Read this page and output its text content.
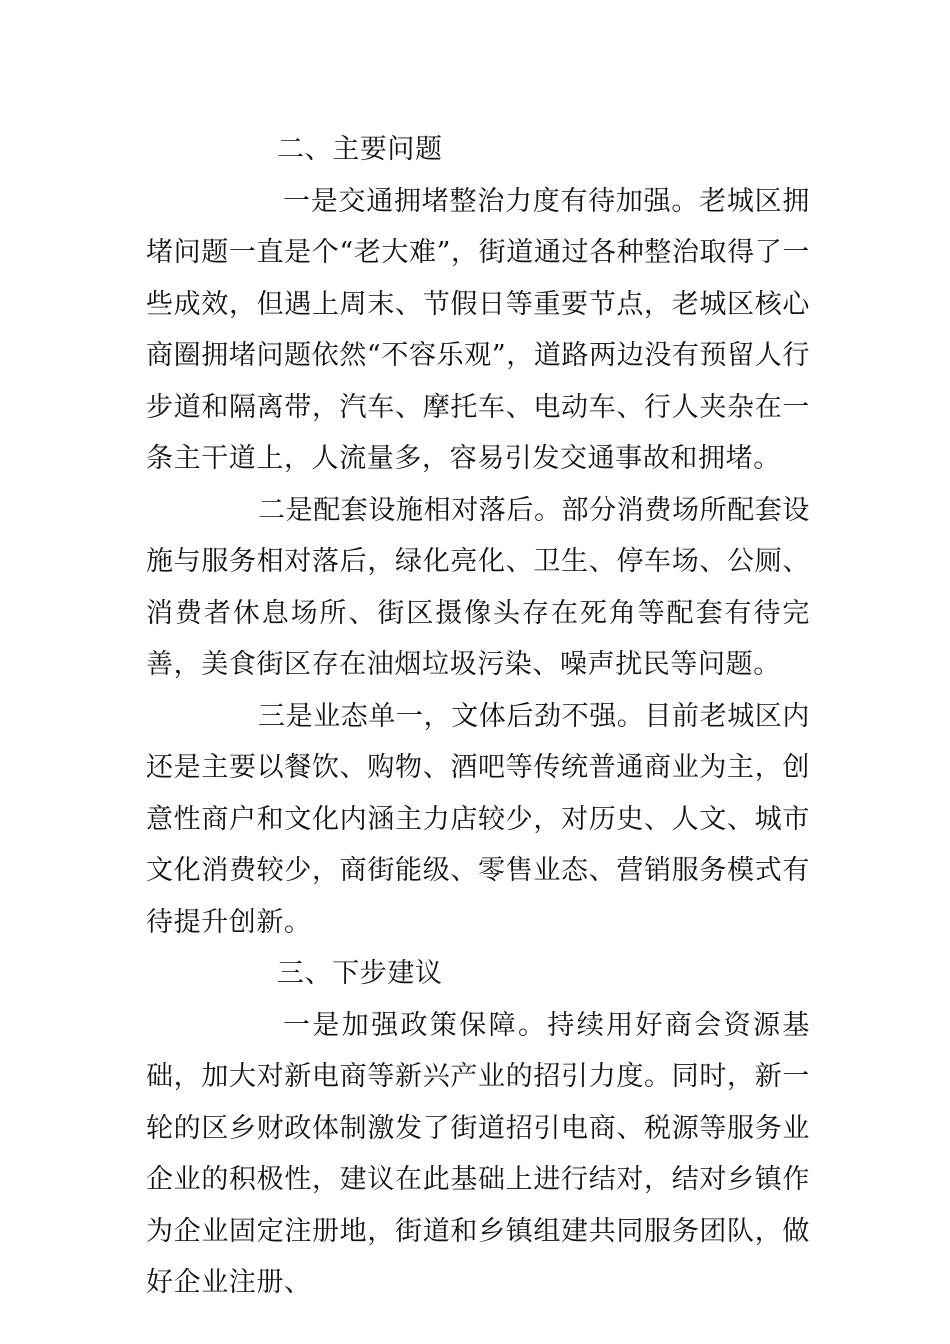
二、主要问题

一是交通拥堵整治力度有待加强。老城区拥堵问题一直是个“老大难”，街道通过各种整治取得了一些成效，但遇上周末、节假日等重要节点，老城区核心商圈拥堵问题依然“不容乐观”，道路两边没有预留人行步道和隔离带，汽车、摩托车、电动车、行人夹杂在一条主干道上，人流量多，容易引发交通事故和拥堵。

二是配套设施相对落后。部分消费场所配套设施与服务相对落后，绿化亮化、卫生、停车场、公厕、消费者休息场所、街区摄像头存在死角等配套有待完善，美食街区存在油烟垃圾污染、噪声扰民等问题。

三是业态单一，文体后劲不强。目前老城区内还是主要以餐饮、购物、酒吧等传统普通商业为主，创意性商户和文化内涵主力店较少，对历史、人文、城市文化消费较少，商街能级、零售业态、营销服务模式有待提升创新。

三、下步建议

一是加强政策保障。持续用好商会资源基础，加大对新电商等新兴产业的招引力度。同时，新一轮的区乡财政体制激发了街道招引电商、税源等服务业企业的积极性，建议在此基础上进行结对，结对乡镇作为企业固定注册地，街道和乡镇组建共同服务团队，做好企业注册、
